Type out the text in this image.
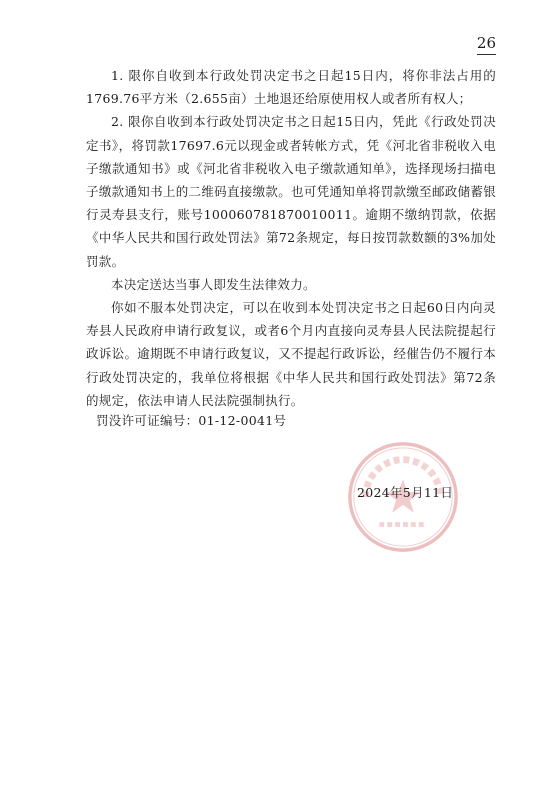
26

1. 限你自收到本行政处罚决定书之日起15日内，将你非法占用的1769.76平方米（2.655亩）土地退还给原使用权人或者所有权人；

2. 限你自收到本行政处罚决定书之日起15日内，凭此《行政处罚决定书》，将罚款17697.6元以现金或者转帐方式，凭《河北省非税收入电子缴款通知书》或《河北省非税收入电子缴款通知单》，选择现场扫描电子缴款通知书上的二维码直接缴款。也可凭通知单将罚款缴至邮政储蓄银行灵寿县支行，账号100060781870010011。逾期不缴纳罚款，依据《中华人民共和国行政处罚法》第72条规定，每日按罚款数额的3%加处罚款。

本决定送达当事人即发生法律效力。

你如不服本处罚决定，可以在收到本处罚决定书之日起60日内向灵寿县人民政府申请行政复议，或者6个月内直接向灵寿县人民法院提起行政诉讼。逾期既不申请行政复议，又不提起行政诉讼，经催告仍不履行本行政处罚决定的，我单位将根据《中华人民共和国行政处罚法》第72条的规定，依法申请人民法院强制执行。

罚没许可证编号：01-12-0041号
2024年5月11日
